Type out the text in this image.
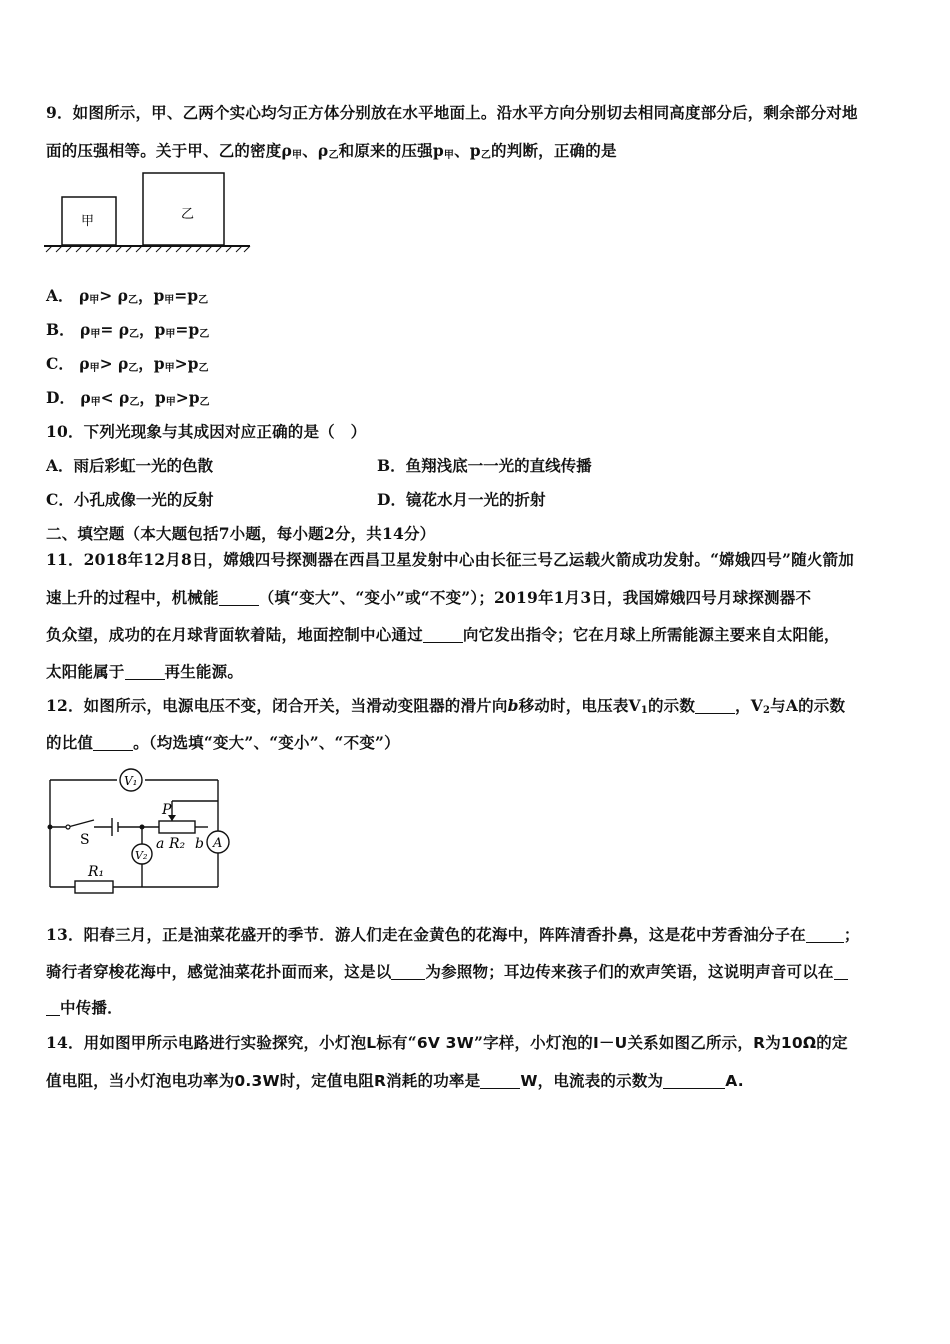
9．如图所示，甲、乙两个实心均匀正方体分别放在水平地面上。沿水平方向分别切去相同高度部分后，剩余部分对地
面的压强相等。关于甲、乙的密度$\rho_甲$、$\rho_乙$和原来的压强$p_甲$、$p_乙$的判断，正确的是
甲	乙
A． $\rho_甲> \rho_乙$，$p_甲=p_乙$
B． $\rho_甲= \rho_乙$，$p_甲=p_乙$
C． $\rho_甲> \rho_乙$，$p_甲>p_乙$
D． $\rho_甲< \rho_乙$，$p_甲>p_乙$
10．下列光现象与其成因对应正确的是（　）
A．雨后彩虹一光的色散	B．鱼翔浅底一一光的直线传播
C．小孔成像一光的反射	D．镜花水月一光的折射
二、填空题（本大题包括7小题，每小题2分，共14分）
11．2018年12月8日，嫦娥四号探测器在西昌卫星发射中心由长征三号乙运载火箭成功发射。“嫦娥四号”随火箭加
速上升的过程中，机械能	（填“变大”、“变小”或“不变”）；2019年1月3日，我国嫦娥四号月球探测器不
负众望，成功的在月球背面软着陆，地面控制中心通过	向它发出指令；它在月球上所需能源主要来自太阳能，
太阳能属于	再生能源。
12．如图所示，电源电压不变，闭合开关，当滑动变阻器的滑片向b移动时，电压表$V_1$的示数	，$V_2$与A的示数
的比值	。（均选填“变大”、“变小”、“不变”）
V₁
A
V₂
P
S	a R₂ b
R₁
13．阳春三月，正是油菜花盛开的季节．游人们走在金黄色的花海中，阵阵清香扑鼻，这是花中芳香油分子在 ；
骑行者穿梭花海中，感觉油菜花扑面而来，这是以 为参照物；耳边传来孩子们的欢声笑语，这说明声音可以在
中传播．
14．用如图甲所示电路进行实验探究，小灯泡L标有“6V 3W”字样，小灯泡的I－U关系如图乙所示，R为10Ω的定
值电阻，当小灯泡电功率为0.3W时，定值电阻R消耗的功率是	W，电流表的示数为	A.
